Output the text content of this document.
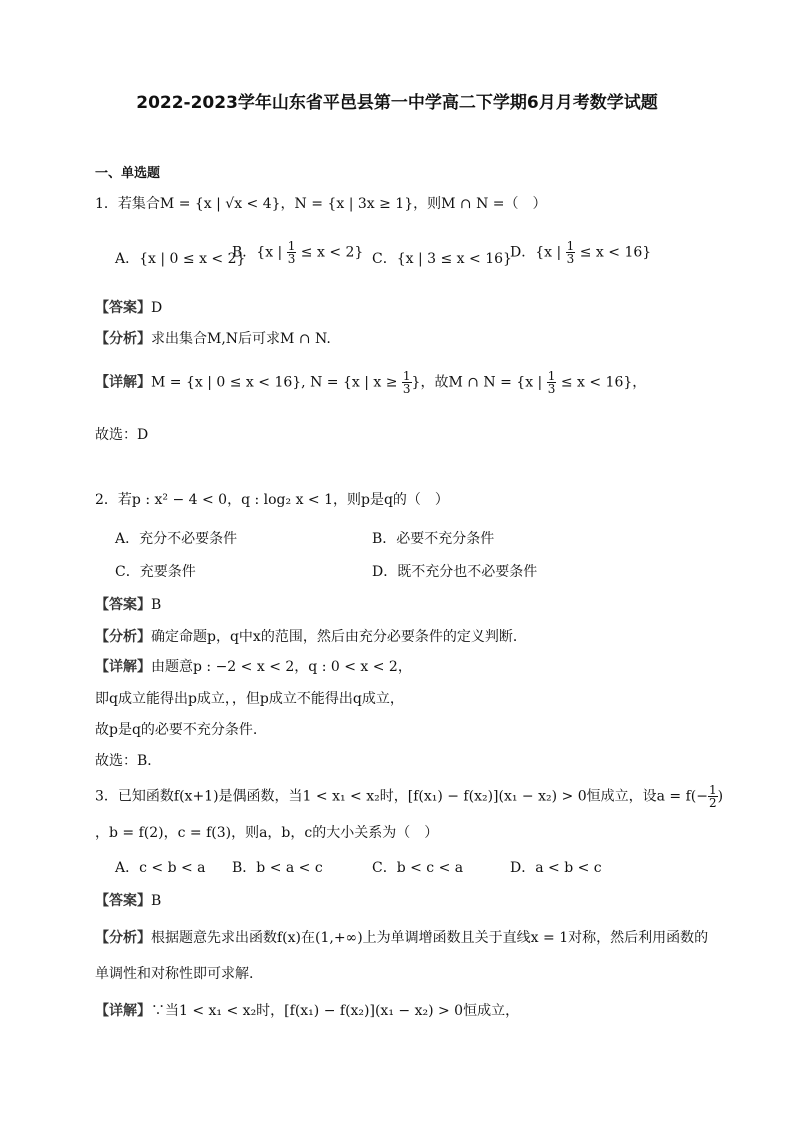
2022-2023学年山东省平邑县第一中学高二下学期6月月考数学试题
一、单选题
1．若集合M = {x | √x < 4}，N = {x | 3x ≥ 1}，则M ∩ N =（　）
A．{x | 0 ≤ x < 2}
B．{x | $\frac{1}{3} \le x < 2$} C．{x | 3 ≤ x < 16}
D．{x | $\frac{1}{3} \le x < 16$}
【答案】D
【分析】求出集合M,N后可求M ∩ N.
【详解】M = {x | 0 ≤ x < 16}, N = {x | $x \ge \frac{1}{3}$ }，故M ∩ N = {x | $\frac{1}{3} \le x < 16$}，
故选：D
2．若p : x² − 4 < 0，q : log₂ x < 1，则p是q的（　）
A．充分不必要条件	B．必要不充分条件
C．充要条件	D．既不充分也不必要条件
【答案】B
【分析】确定命题p，q中x的范围，然后由充分必要条件的定义判断．
【详解】由题意p : −2 < x < 2，q : 0 < x < 2，
即q成立能得出p成立，，但p成立不能得出q成立，
故p是q的必要不充分条件.
故选：B．
3．已知函数f(x+1)是偶函数，当1 < x₁ < x₂时，[f(x₁) − f(x₂)](x₁ − x₂) > 0恒成立，设$a = f(- \frac{1}{2}$ )
，b = f(2)，c = f(3)，则a，b，c的大小关系为（　）
A．c < b < a B．b < a < c	C．b < c < a	D．a < b < c
【答案】B
【分析】根据题意先求出函数f(x)在(1,+∞)上为单调增函数且关于直线x = 1对称，然后利用函数的
单调性和对称性即可求解.
【详解】∵当1 < x₁ < x₂时，[f(x₁) − f(x₂)](x₁ − x₂) > 0恒成立，
